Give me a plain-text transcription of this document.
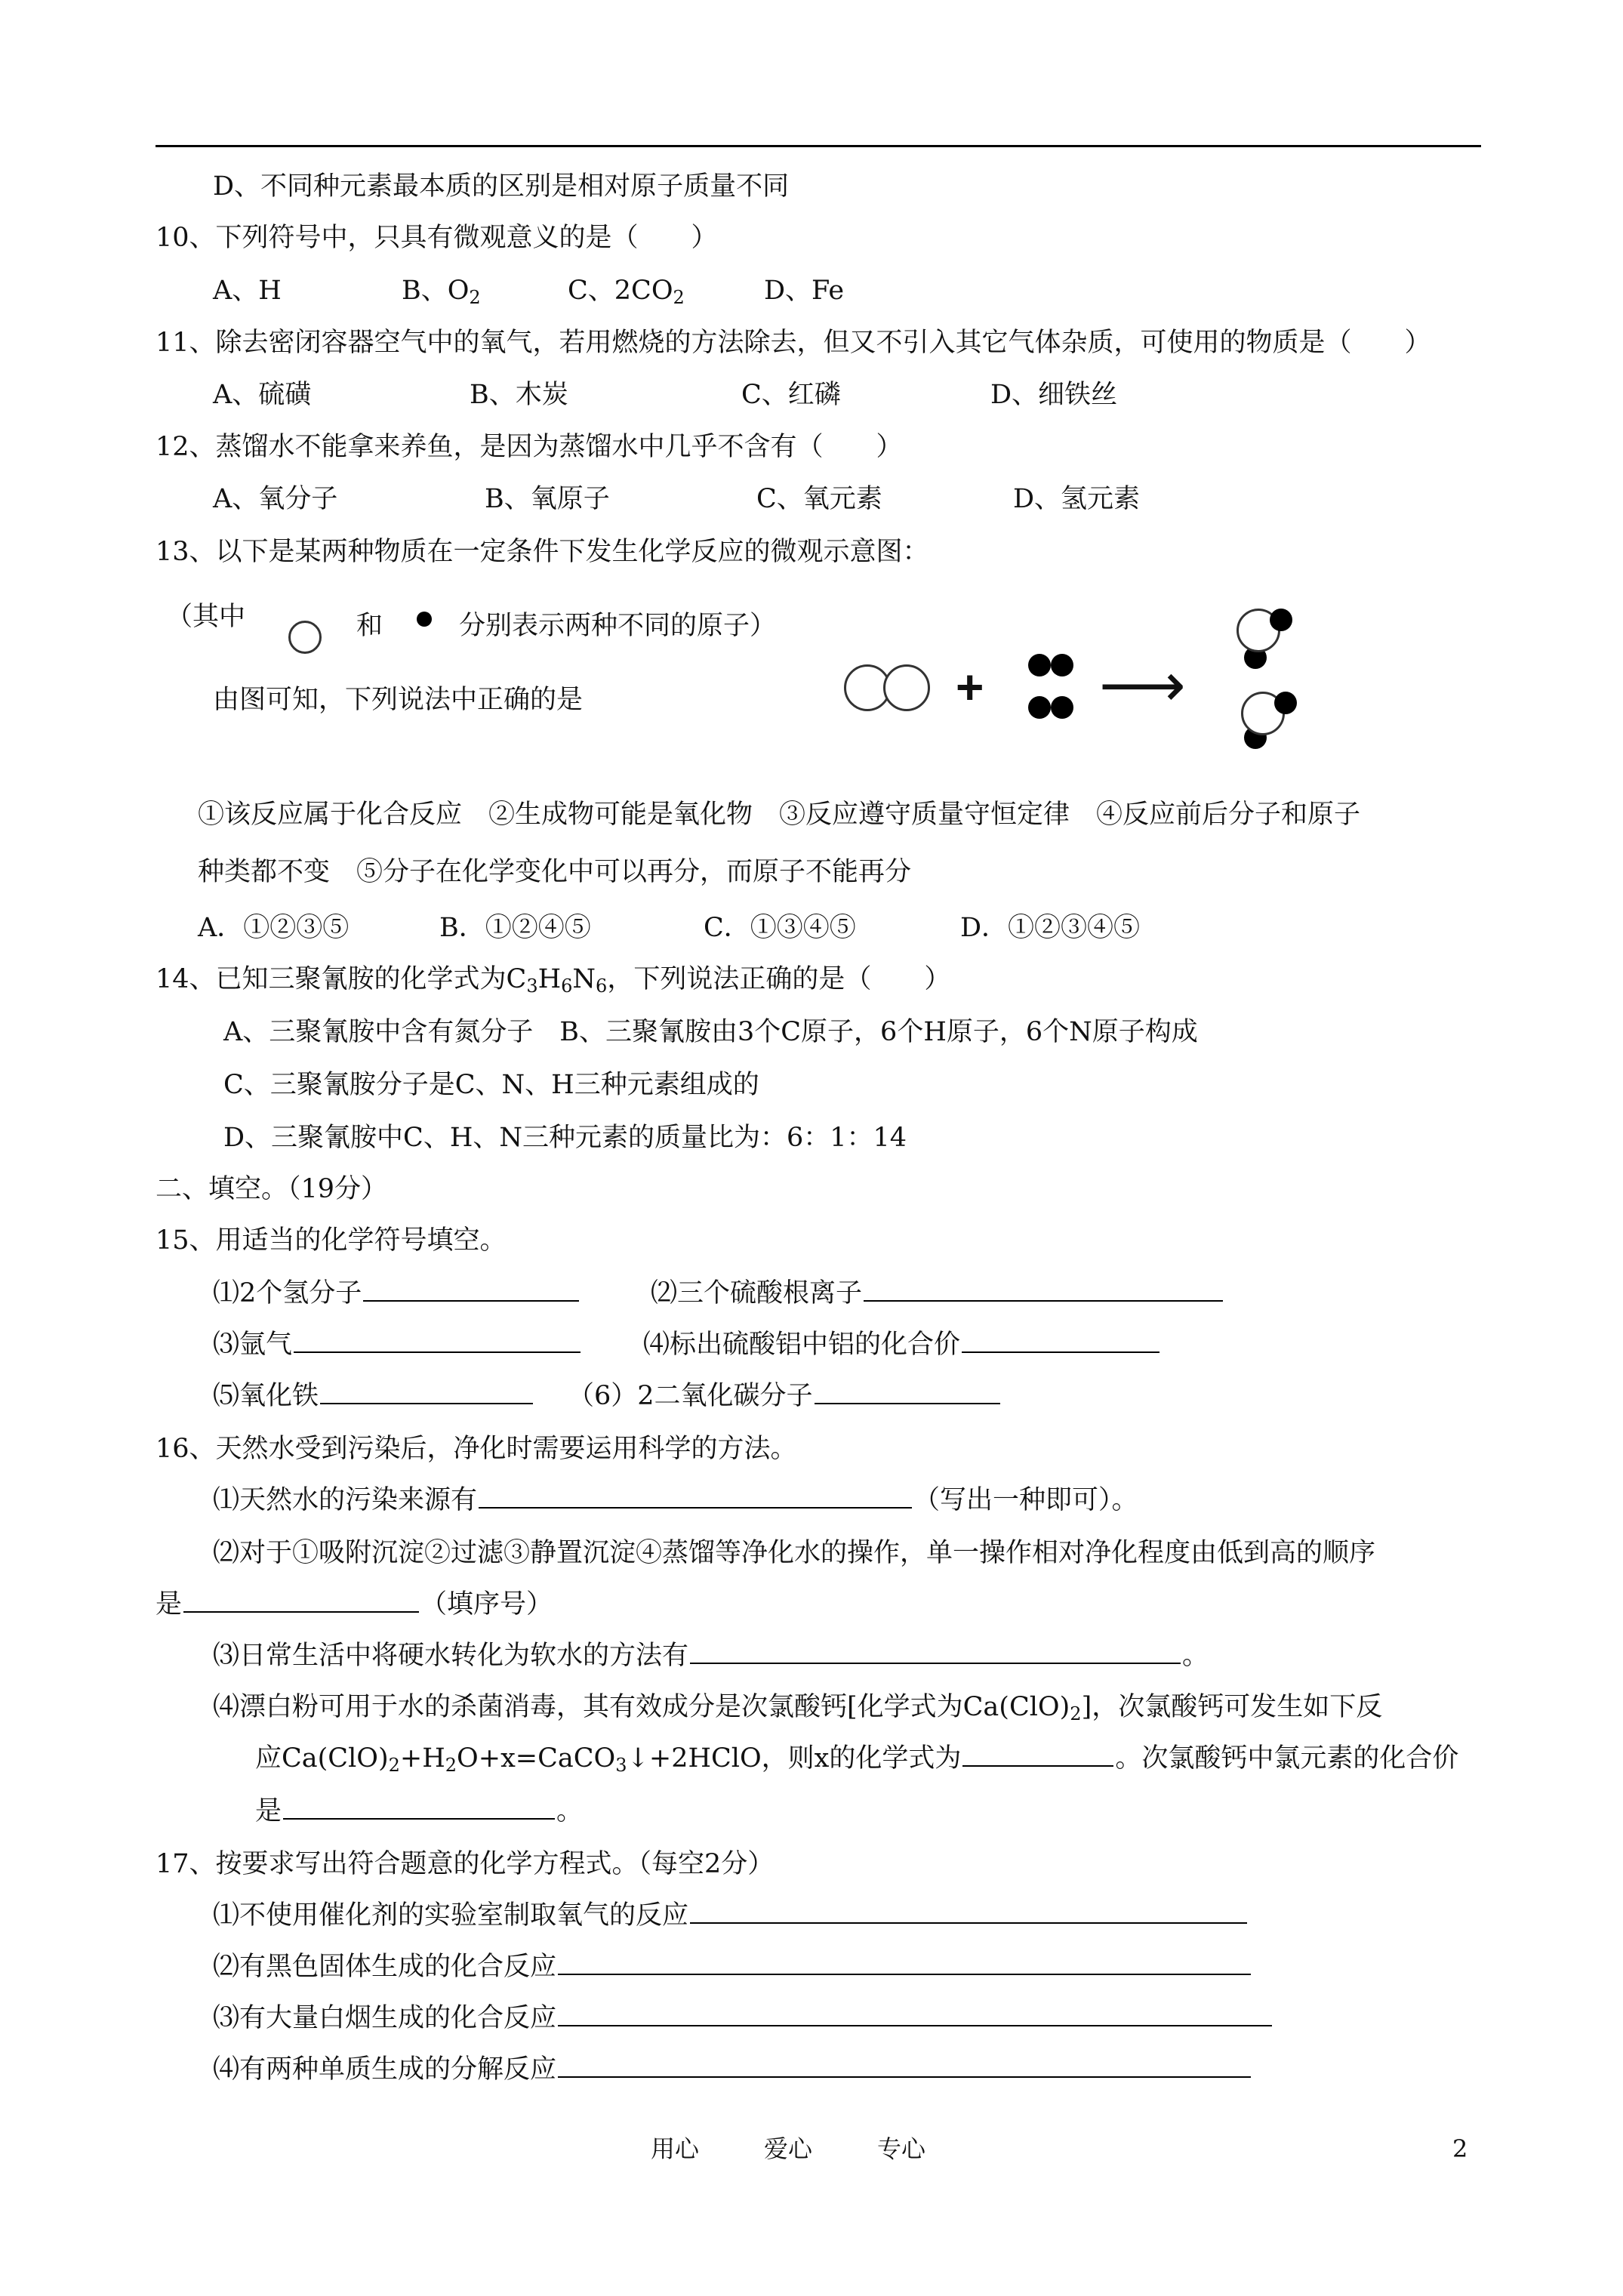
D、不同种元素最本质的区别是相对原子质量不同
10、下列符号中，只具有微观意义的是（　　）
A、H	B、$O_2$	C、$2CO_2$	D、Fe
11、除去密闭容器空气中的氧气，若用燃烧的方法除去，但又不引入其它气体杂质，可使用的物质是（　　）
A、硫磺	B、木炭	C、红磷	D、细铁丝
12、蒸馏水不能拿来养鱼，是因为蒸馏水中几乎不含有（　　）
A、氧分子	B、氧原子	C、氧元素	D、氢元素
13、以下是某两种物质在一定条件下发生化学反应的微观示意图：
（其中	和	分别表示两种不同的原子）
由图可知，下列说法中正确的是	+ ⟶
①该反应属于化合反应　②生成物可能是氧化物　③反应遵守质量守恒定律　④反应前后分子和原子
种类都不变　⑤分子在化学变化中可以再分，而原子不能再分
A．①②③⑤	B．①②④⑤	C．①③④⑤	D．①②③④⑤
14、已知三聚氰胺的化学式为$C_3H_6N_6$，下列说法正确的是（　　）
A、三聚氰胺中含有氮分子　B、三聚氰胺由3个C原子，6个H原子，6个N原子构成
C、三聚氰胺分子是C、N、H三种元素组成的
D、三聚氰胺中C、H、N三种元素的质量比为：6：1：14
二、填空。（19分）
15、用适当的化学符号填空。
⑴2个氢分子	⑵三个硫酸根离子
⑶氩气	⑷标出硫酸铝中铝的化合价
⑸氧化铁	（6）2二氧化碳分子
16、天然水受到污染后，净化时需要运用科学的方法。
⑴天然水的污染来源有	（写出一种即可）。
⑵对于①吸附沉淀②过滤③静置沉淀④蒸馏等净化水的操作，单一操作相对净化程度由低到高的顺序
是	（填序号）
⑶日常生活中将硬水转化为软水的方法有	。
⑷漂白粉可用于水的杀菌消毒，其有效成分是次氯酸钙[化学式为$Ca(ClO)_2$]，次氯酸钙可发生如下反
应$Ca(ClO)_2+H_2O+x=CaCO_3↓+2HClO$，则x的化学式为	。次氯酸钙中氯元素的化合价
是	。
17、按要求写出符合题意的化学方程式。（每空2分）
⑴不使用催化剂的实验室制取氧气的反应
⑵有黑色固体生成的化合反应
⑶有大量白烟生成的化合反应
⑷有两种单质生成的分解反应
用心	爱心	专心	2
